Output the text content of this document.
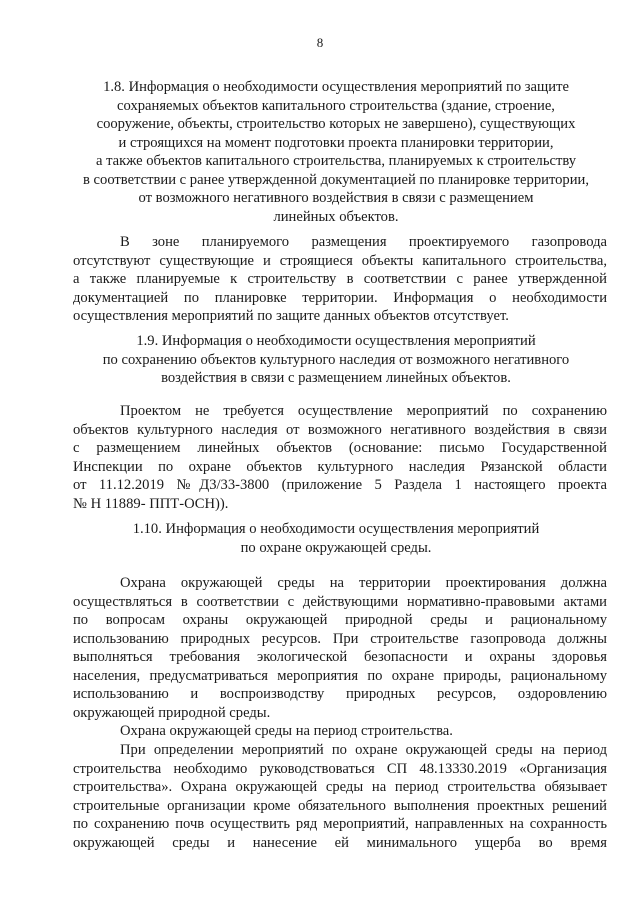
8
1.8. Информация о необходимости осуществления мероприятий по защите
сохраняемых объектов капитального строительства (здание, строение,
сооружение, объекты, строительство которых не завершено), существующих
и строящихся на момент подготовки проекта планировки территории,
а также объектов капитального строительства, планируемых к строительству
в соответствии с ранее утвержденной документацией по планировке территории,
от возможного негативного воздействия в связи с размещением
линейных объектов.
В зоне планируемого размещения проектируемого газопровода
отсутствуют существующие и строящиеся объекты капитального строительства,
а также планируемые к строительству в соответствии с ранее утвержденной
документацией по планировке территории. Информация о необходимости
осуществления мероприятий по защите данных объектов отсутствует.
1.9. Информация о необходимости осуществления мероприятий
по сохранению объектов культурного наследия от возможного негативного
воздействия в связи с размещением линейных объектов.
Проектом не требуется осуществление мероприятий по сохранению
объектов культурного наследия от возможного негативного воздействия в связи
с размещением линейных объектов (основание: письмо Государственной
Инспекции по охране объектов культурного наследия Рязанской области
от 11.12.2019 №Д3/33-3800 (приложение 5 Раздела 1 настоящего проекта
№ Н 11889- ППТ-ОСН)).
1.10. Информация о необходимости осуществления мероприятий
по охране окружающей среды.
Охрана окружающей среды на территории проектирования должна
осуществляться в соответствии с действующими нормативно-правовыми актами
по вопросам охраны окружающей природной среды и рациональному
использованию природных ресурсов. При строительстве газопровода должны
выполняться требования экологической безопасности и охраны здоровья
населения, предусматриваться мероприятия по охране природы, рациональному
использованию и воспроизводству природных ресурсов, оздоровлению
окружающей природной среды.
Охрана окружающей среды на период строительства.
При определении мероприятий по охране окружающей среды на период
строительства необходимо руководствоваться СП 48.13330.2019 «Организация
строительства». Охрана окружающей среды на период строительства обязывает
строительные организации кроме обязательного выполнения проектных решений
по сохранению почв осуществить ряд мероприятий, направленных на сохранность
окружающей среды и нанесение ей минимального ущерба во время
